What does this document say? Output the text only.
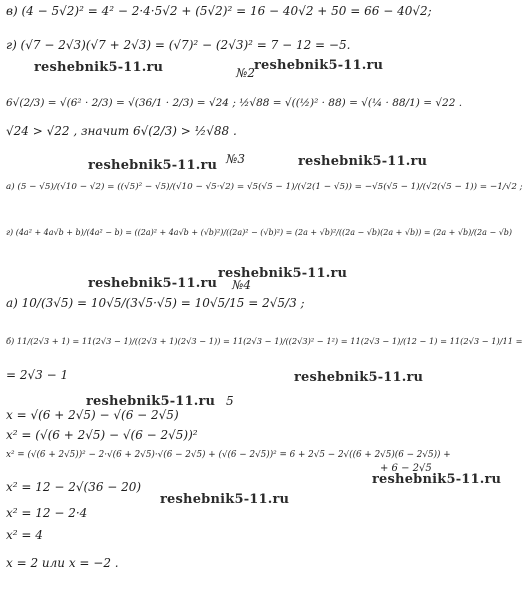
в) (4 − 5√2)² = 4² − 2·4·5√2 + (5√2)² = 16 − 40√2 + 50 = 66 − 40√2;
г) (√7 − 2√3)(√7 + 2√3) = (√7)² − (2√3)² = 7 − 12 = −5.
№2
6√(2/3) = √(6² · 2/3) = √(36/1 · 2/3) = √24 ; ½√88 = √((½)² · 88) = √(¼ · 88/1) = √22 .
√24 > √22 , значит 6√(2/3) > ½√88 .
№3
а) (5 − √5)/(√10 − √2) = ((√5)² − √5)/(√10 − √5·√2) = √5(√5 − 1)/(√2(1 − √5)) = −√5(√5 − 1)/(√2(√5 − 1)) = −1/√2 ;
г) (4a² + 4a√b + b)/(4a² − b) = ((2a)² + 4a√b + (√b)²)/((2a)² − (√b)²) = (2a + √b)²/((2a − √b)(2a + √b)) = (2a + √b)/(2a − √b)
№4
а) 10/(3√5) = 10√5/(3√5·√5) = 10√5/15 = 2√5/3 ;
б) 11/(2√3 + 1) = 11(2√3 − 1)/((2√3 + 1)(2√3 − 1)) = 11(2√3 − 1)/((2√3)² − 1²) = 11(2√3 − 1)/(12 − 1) = 11(2√3 − 1)/11 =
= 2√3 − 1
5
x = √(6 + 2√5) − √(6 − 2√5)
x² = (√(6 + 2√5) − √(6 − 2√5))²
x² = (√(6 + 2√5))² − 2·√(6 + 2√5)·√(6 − 2√5) + (√(6 − 2√5))² = 6 + 2√5 − 2√((6 + 2√5)(6 − 2√5)) +
+ 6 − 2√5
x² = 12 − 2√(36 − 20)
x² = 12 − 2·4
x² = 4
x = 2 или x = −2 .
reshebnik5-11.ru	reshebnik5-11.ru
reshebnik5-11.ru	reshebnik5-11.ru
reshebnik5-11.ru
reshebnik5-11.ru
reshebnik5-11.ru
reshebnik5-11.ru
reshebnik5-11.ru
reshebnik5-11.ru
